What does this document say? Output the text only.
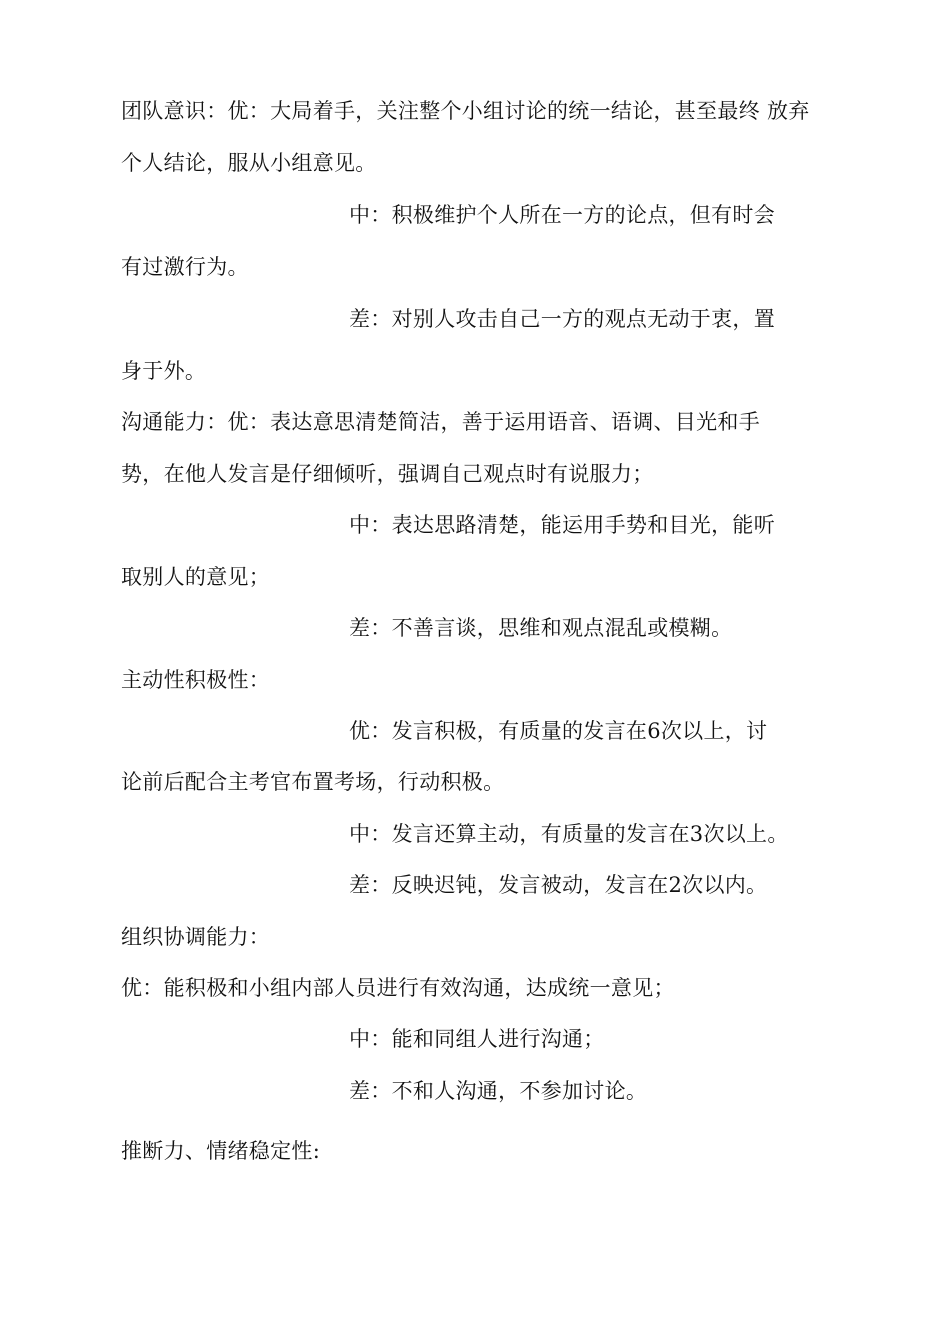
团队意识：优：大局着手，关注整个小组讨论的统一结论，甚至最终 放弃
个人结论，服从小组意见。
中：积极维护个人所在一方的论点，但有时会
有过激行为。
差：对别人攻击自己一方的观点无动于衷，置
身于外。
沟通能力：优：表达意思清楚简洁，善于运用语音、语调、目光和手
势，在他人发言是仔细倾听，强调自己观点时有说服力；
中：表达思路清楚，能运用手势和目光，能听
取别人的意见；
差：不善言谈，思维和观点混乱或模糊。
主动性积极性：
优：发言积极，有质量的发言在6次以上，讨
论前后配合主考官布置考场，行动积极。
中：发言还算主动，有质量的发言在3次以上。
差：反映迟钝，发言被动，发言在2次以内。
组织协调能力：
优：能积极和小组内部人员进行有效沟通，达成统一意见；
中：能和同组人进行沟通；
差：不和人沟通，不参加讨论。
推断力、情绪稳定性:
